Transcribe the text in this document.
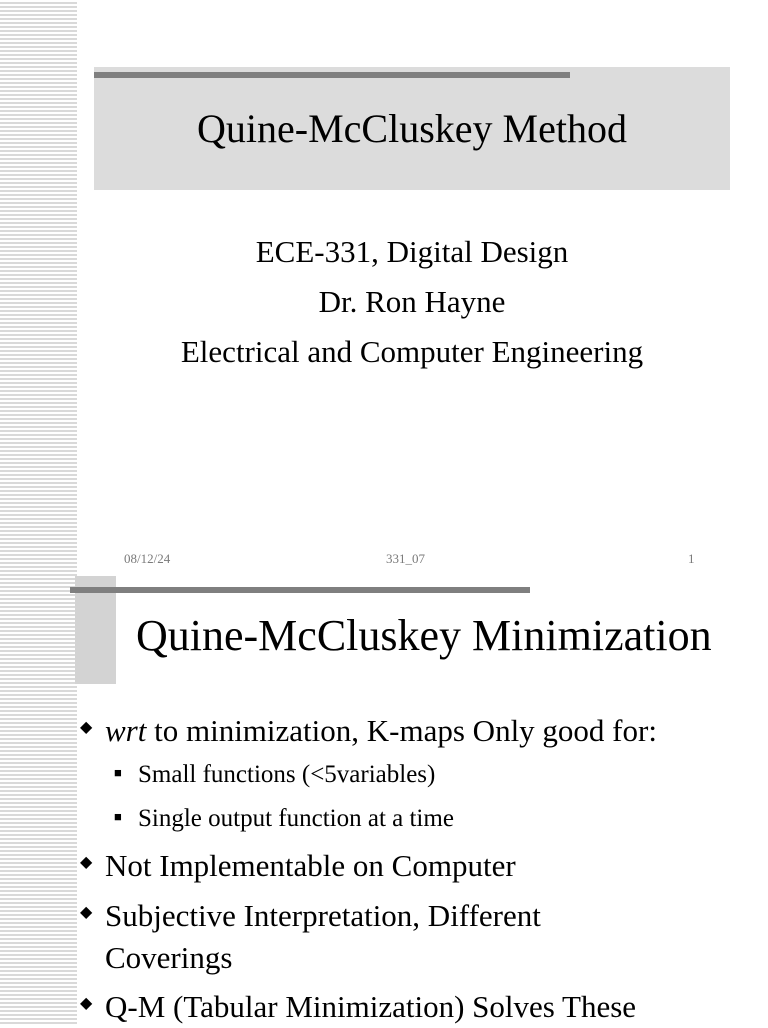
Quine-McCluskey Method
ECE-331, Digital Design
Dr. Ron Hayne
Electrical and Computer Engineering
08/12/24	331_07	1
Quine-McCluskey Minimization
◆ wrt to minimization, K-maps Only good for:
■ Small functions (<5variables)
■ Single output function at a time
◆ Not Implementable on Computer
◆ Subjective Interpretation, Different
Coverings
◆ Q-M (Tabular Minimization) Solves These
